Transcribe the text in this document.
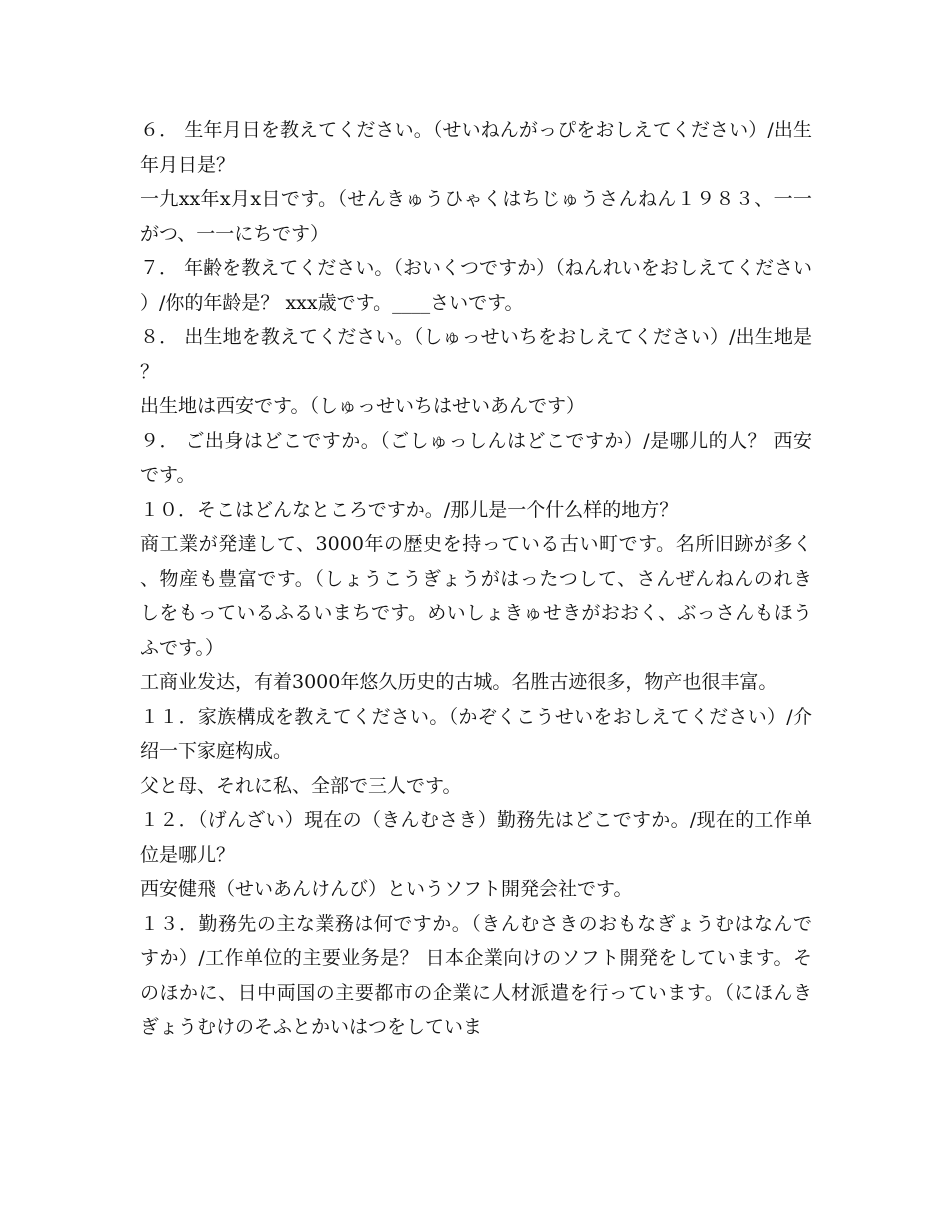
６． 生年月日を教えてください。（せいねんがっぴをおしえてください）/出生年月日是？

一九xx年x月x日です。（せんきゅうひゃくはちじゅうさんねん１９８３、一一がつ、一一にちです）

７． 年齢を教えてください。（おいくつですか）（ねんれいをおしえてください）/你的年龄是？ xxx歳です。____さいです。

８． 出生地を教えてください。（しゅっせいちをおしえてください）/出生地是？

出生地は西安です。（しゅっせいちはせいあんです）

９． ご出身はどこですか。（ごしゅっしんはどこですか）/是哪儿的人？ 西安です。

１０．そこはどんなところですか。/那儿是一个什么样的地方？

商工業が発達して、3000年の歴史を持っている古い町です。名所旧跡が多く、物産も豊富です。（しょうこうぎょうがはったつして、さんぜんねんのれきしをもっているふるいまちです。めいしょきゅせきがおおく、ぶっさんもほうふです。）

工商业发达，有着3000年悠久历史的古城。名胜古迹很多，物产也很丰富。

１１．家族構成を教えてください。（かぞくこうせいをおしえてください）/介绍一下家庭构成。

父と母、それに私、全部で三人です。

１２．（げんざい）現在の（きんむさき）勤務先はどこですか。/现在的工作单位是哪儿？

西安健飛（せいあんけんび）というソフト開発会社です。

１３．勤務先の主な業務は何ですか。（きんむさきのおもなぎょうむはなんですか）/工作单位的主要业务是？ 日本企業向けのソフト開発をしています。そのほかに、日中両国の主要都市の企業に人材派遣を行っています。（にほんきぎょうむけのそふとかいはつをしていま
